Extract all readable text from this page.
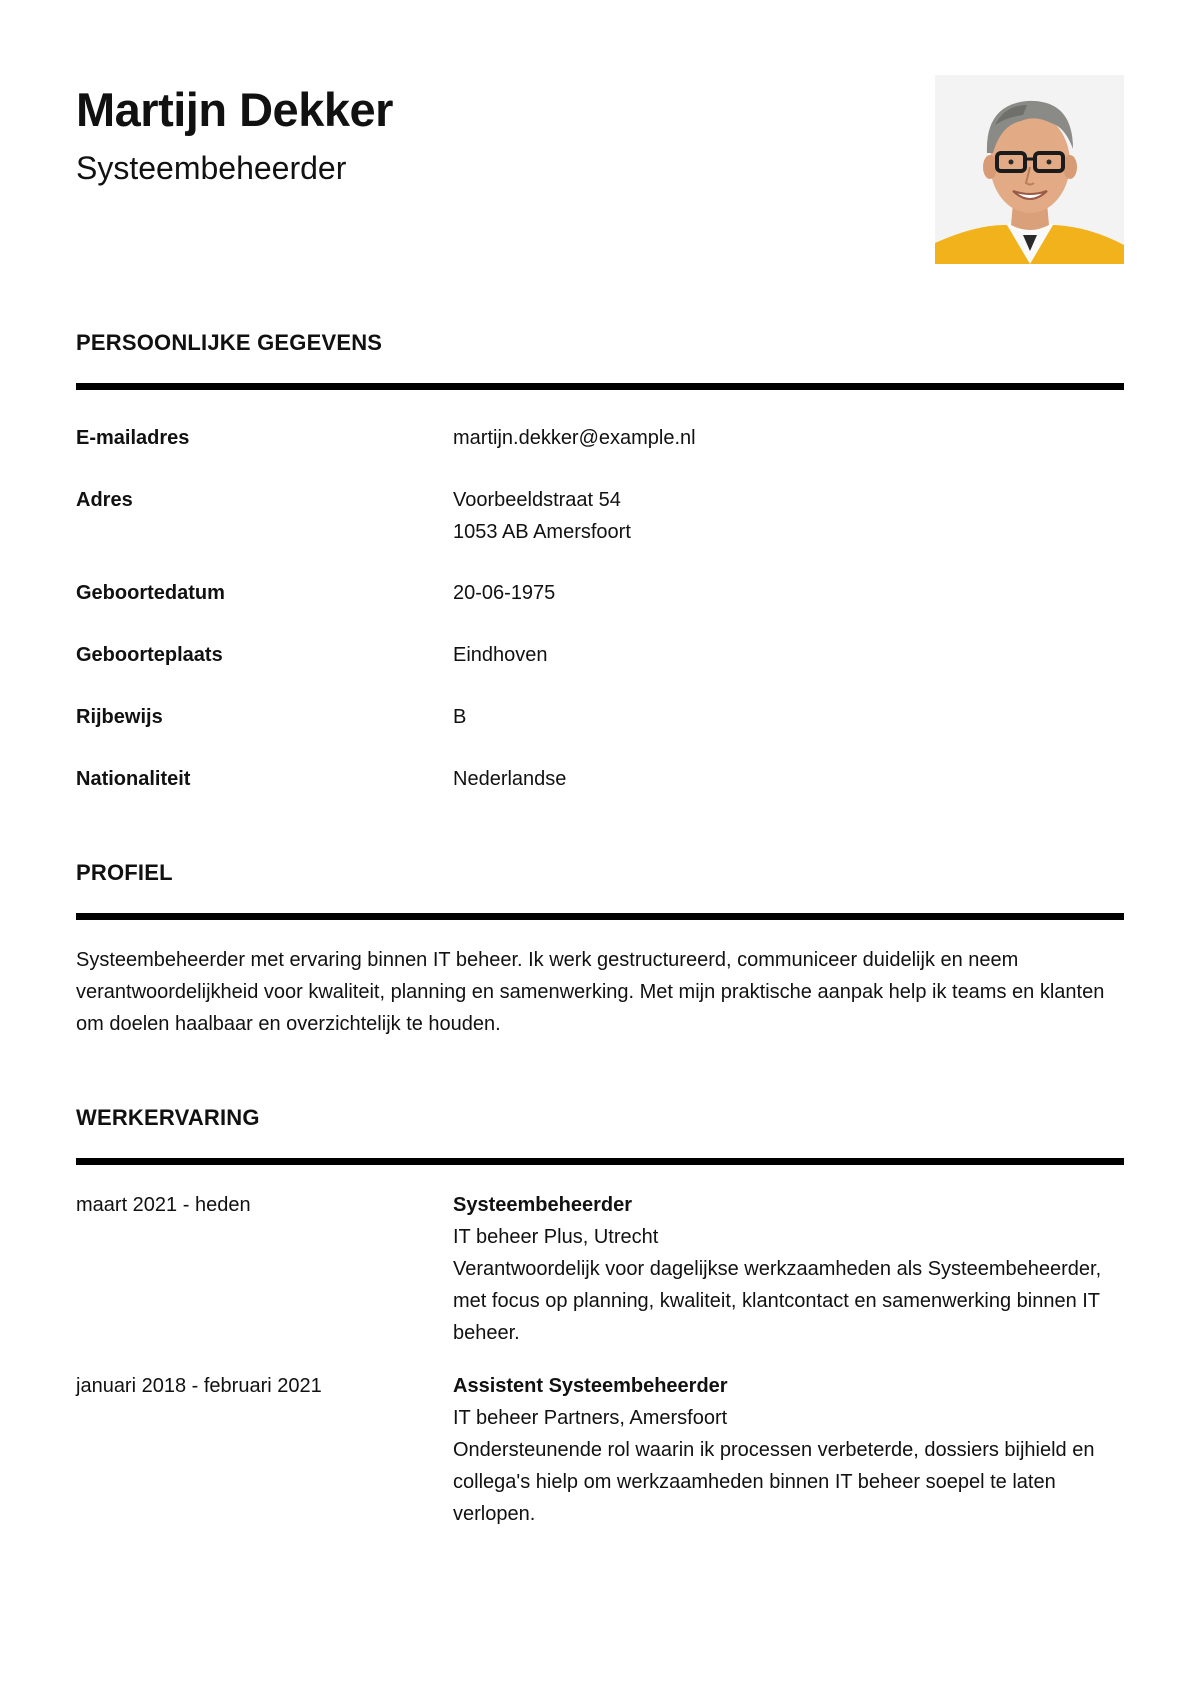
Martijn Dekker
Systeembeheerder
PERSOONLIJKE GEGEVENS
E-mailadres	martijn.dekker@example.nl
Adres	Voorbeeldstraat 54
1053 AB Amersfoort
Geboortedatum	20-06-1975
Geboorteplaats	Eindhoven
Rijbewijs	B
Nationaliteit	Nederlandse
PROFIEL

Systeembeheerder met ervaring binnen IT beheer. Ik werk gestructureerd, communiceer duidelijk en neem verantwoordelijkheid voor kwaliteit, planning en samenwerking. Met mijn praktische aanpak help ik teams en klanten om doelen haalbaar en overzichtelijk te houden.

WERKERVARING
maart 2021 - heden	Systeembeheerder
IT beheer Plus, Utrecht
Verantwoordelijk voor dagelijkse werkzaamheden als Systeembeheerder, met focus op planning, kwaliteit, klantcontact en samenwerking binnen IT beheer.
januari 2018 - februari 2021	Assistent Systeembeheerder
IT beheer Partners, Amersfoort
Ondersteunende rol waarin ik processen verbeterde, dossiers bijhield en collega's hielp om werkzaamheden binnen IT beheer soepel te laten verlopen.
